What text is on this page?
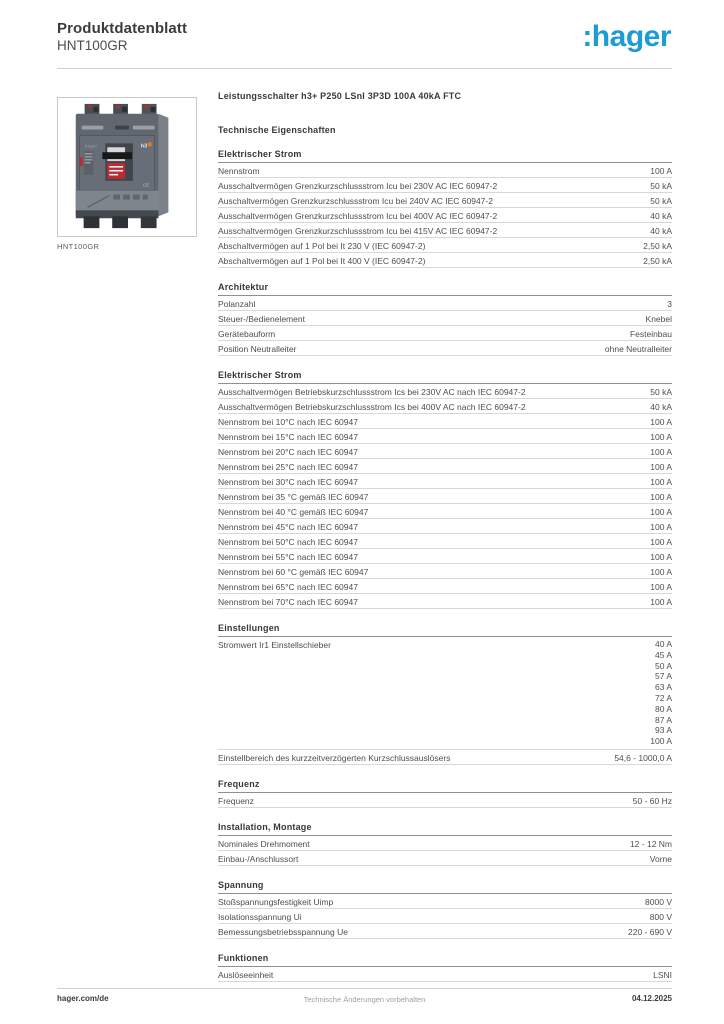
Produktdatenblatt
HNT100GR	:hager
hager	h3
CE
HNT100GR
Leistungsschalter h3+ P250 LSnI 3P3D 100A 40kA FTC
Technische Eigenschaften
Elektrischer Strom
Nennstrom	100 A
Ausschaltvermögen Grenzkurzschlussstrom Icu bei 230V AC IEC 60947-2	50 kA
Auschaltvermögen Grenzkurzschlussstrom Icu bei 240V AC IEC 60947-2	50 kA
Ausschaltvermögen Grenzkurzschlussstrom Icu bei 400V AC IEC 60947-2	40 kA
Ausschaltvermögen Grenzkurzschlussstrom Icu bei 415V AC IEC 60947-2	40 kA
Abschaltvermögen auf 1 Pol bei It 230 V (IEC 60947-2)	2,50 kA
Abschaltvermögen auf 1 Pol bei It 400 V (IEC 60947-2)	2,50 kA
Architektur
Polanzahl	3
Steuer-/Bedienelement	Knebel
Gerätebauform	Festeinbau
Position Neutralleiter	ohne Neutralleiter
Elektrischer Strom
Ausschaltvermögen Betriebskurzschlussstrom Ics bei 230V AC nach IEC 60947-2	50 kA
Ausschaltvermögen Betriebskurzschlussstrom Ics bei 400V AC nach IEC 60947-2	40 kA
Nennstrom bei 10°C nach IEC 60947	100 A
Nennstrom bei 15°C nach IEC 60947	100 A
Nennstrom bei 20°C nach IEC 60947	100 A
Nennstrom bei 25°C nach IEC 60947	100 A
Nennstrom bei 30°C nach IEC 60947	100 A
Nennstrom bei 35 °C gemäß IEC 60947	100 A
Nennstrom bei 40 °C gemäß IEC 60947	100 A
Nennstrom bei 45°C nach IEC 60947	100 A
Nennstrom bei 50°C nach IEC 60947	100 A
Nennstrom bei 55°C nach IEC 60947	100 A
Nennstrom bei 60 °C gemäß IEC 60947	100 A
Nennstrom bei 65°C nach IEC 60947	100 A
Nennstrom bei 70°C nach IEC 60947	100 A
Einstellungen
Stromwert Ir1 Einstellschieber	40 A
45 A
50 A
57 A
63 A
72 A
80 A
87 A
93 A
100 A
Einstellbereich des kurzzeitverzögerten Kurzschlussauslösers	54,6 - 1000,0 A
Frequenz
Frequenz	50 - 60 Hz
Installation, Montage
Nominales Drehmoment	12 - 12 Nm
Einbau-/Anschlussort	Vorne
Spannung
Stoßspannungsfestigkeit Uimp	8000 V
Isolationsspannung Ui	800 V
Bemessungsbetriebsspannung Ue	220 - 690 V
Funktionen
Auslöseeinheit	LSNI
hager.com/de	Technische Änderungen vorbehalten	04.12.2025
